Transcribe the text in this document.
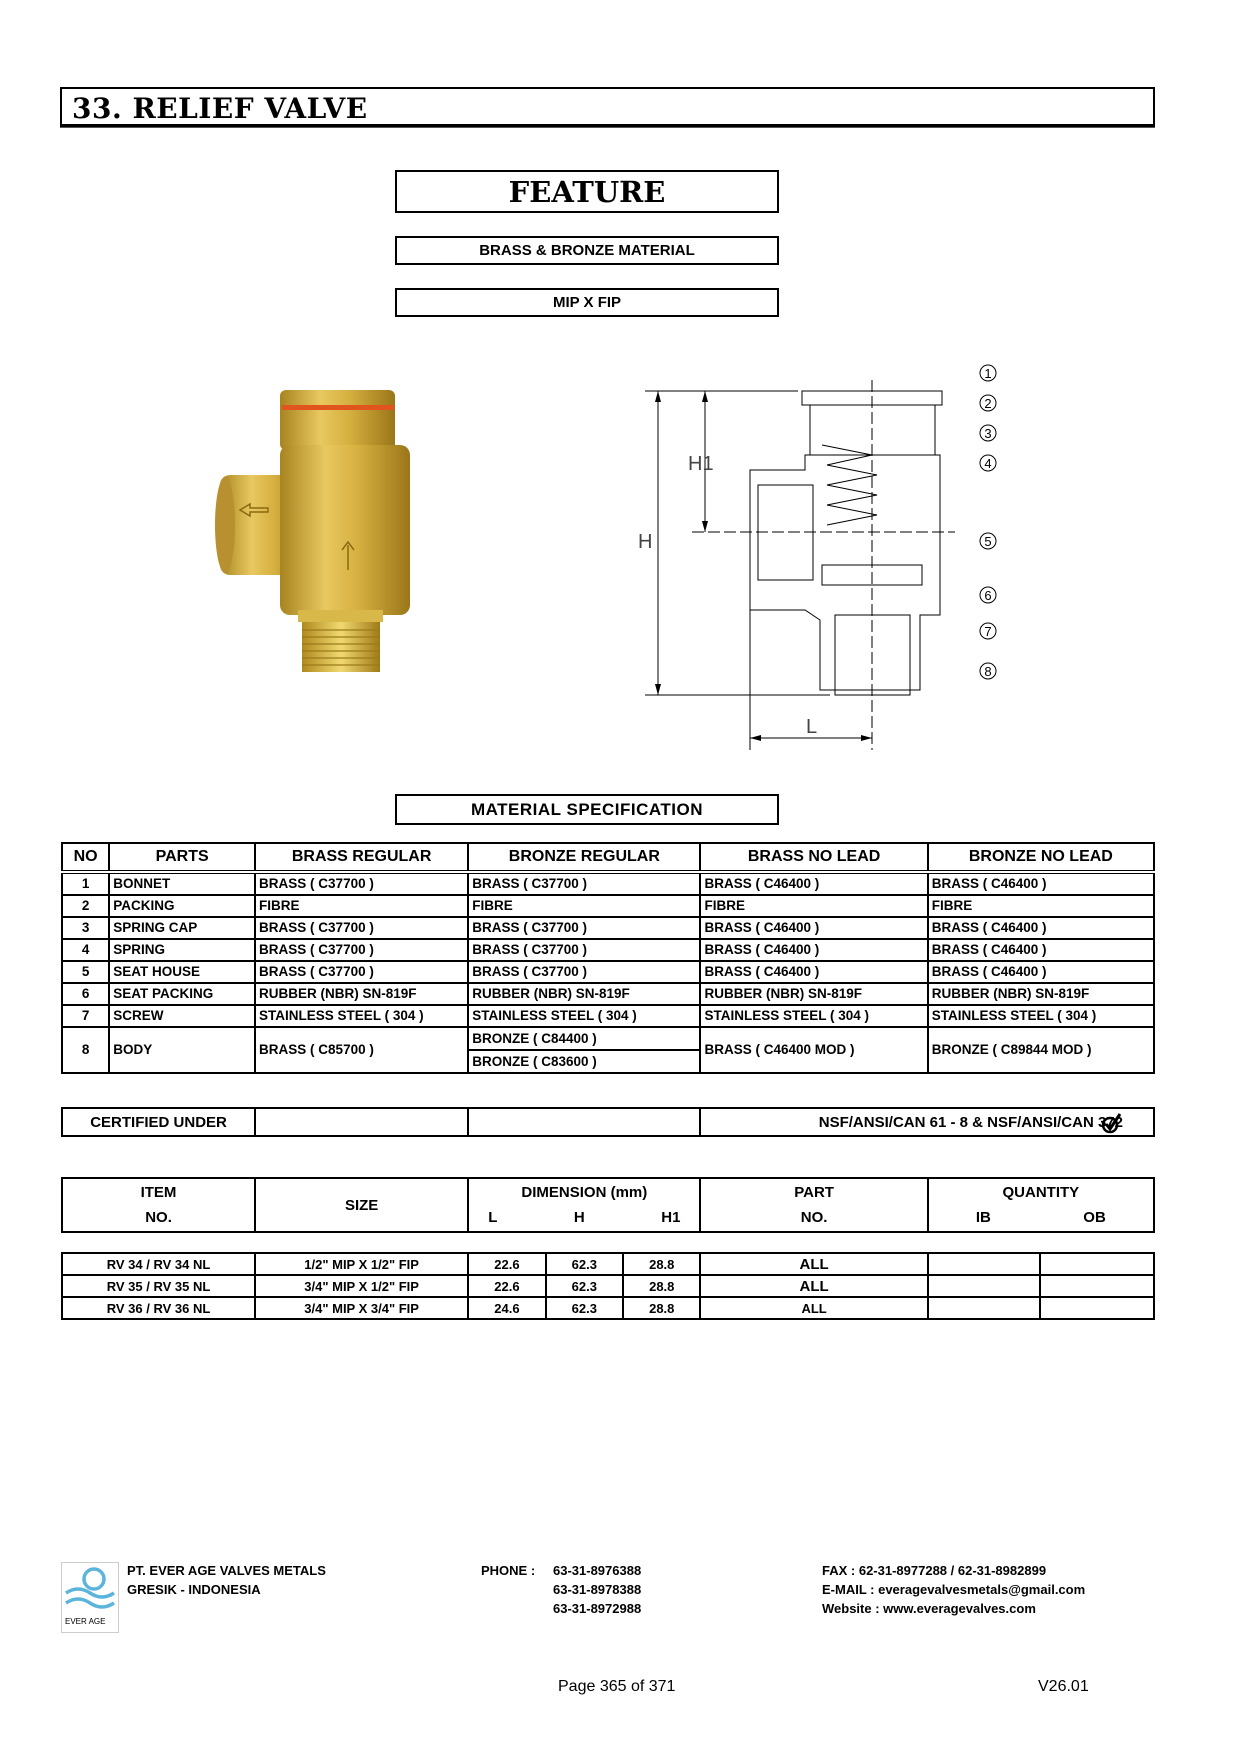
33. RELIEF VALVE
FEATURE
BRASS & BRONZE MATERIAL
MIP X FIP
H
H1
L
1
2
3
4
5
6
7
8
MATERIAL SPECIFICATION
NO	PARTS	BRASS REGULAR	BRONZE REGULAR	BRASS NO LEAD	BRONZE NO LEAD
1	BONNET	BRASS ( C37700 )	BRASS ( C37700 )	BRASS ( C46400 )	BRASS ( C46400 )
2	PACKING	FIBRE	FIBRE	FIBRE	FIBRE
3	SPRING CAP	BRASS ( C37700 )	BRASS ( C37700 )	BRASS ( C46400 )	BRASS ( C46400 )
4	SPRING	BRASS ( C37700 )	BRASS ( C37700 )	BRASS ( C46400 )	BRASS ( C46400 )
5	SEAT HOUSE	BRASS ( C37700 )	BRASS ( C37700 )	BRASS ( C46400 )	BRASS ( C46400 )
6	SEAT PACKING	RUBBER (NBR) SN-819F	RUBBER (NBR) SN-819F	RUBBER (NBR) SN-819F	RUBBER (NBR) SN-819F
7	SCREW	STAINLESS STEEL ( 304 )	STAINLESS STEEL ( 304 )	STAINLESS STEEL ( 304 )	STAINLESS STEEL ( 304 )
8	BODY	BRASS ( C85700 )	BRONZE ( C84400 )	BRASS ( C46400 MOD )	BRONZE ( C89844 MOD )
			BRONZE ( C83600 )		
CERTIFIED UNDER			NSF/ANSI/CAN 61 - 8 & NSF/ANSI/CAN 372
ITEM
NO.
	SIZE	
DIMENSION (mm)
L	H	H1

PART
NO.

QUANTITY
IB	OB
RV 34 / RV 34 NL	1/2" MIP X 1/2" FIP	22.6	62.3	28.8	ALL		
RV 35 / RV 35 NL	3/4" MIP X 1/2" FIP	22.6	62.3	28.8	ALL		
RV 36 / RV 36 NL	3/4" MIP X 3/4" FIP	24.6	62.3	28.8	ALL		
EVER AGE
PT. EVER AGE VALVES METALS
GRESIK - INDONESIA
PHONE : 63-31-8976388
63-31-8978388
63-31-8972988
FAX : 62-31-8977288 / 62-31-8982899
E-MAIL : everagevalvesmetals@gmail.com
Website : www.everagevalves.com
Page 365 of 371	V26.01
